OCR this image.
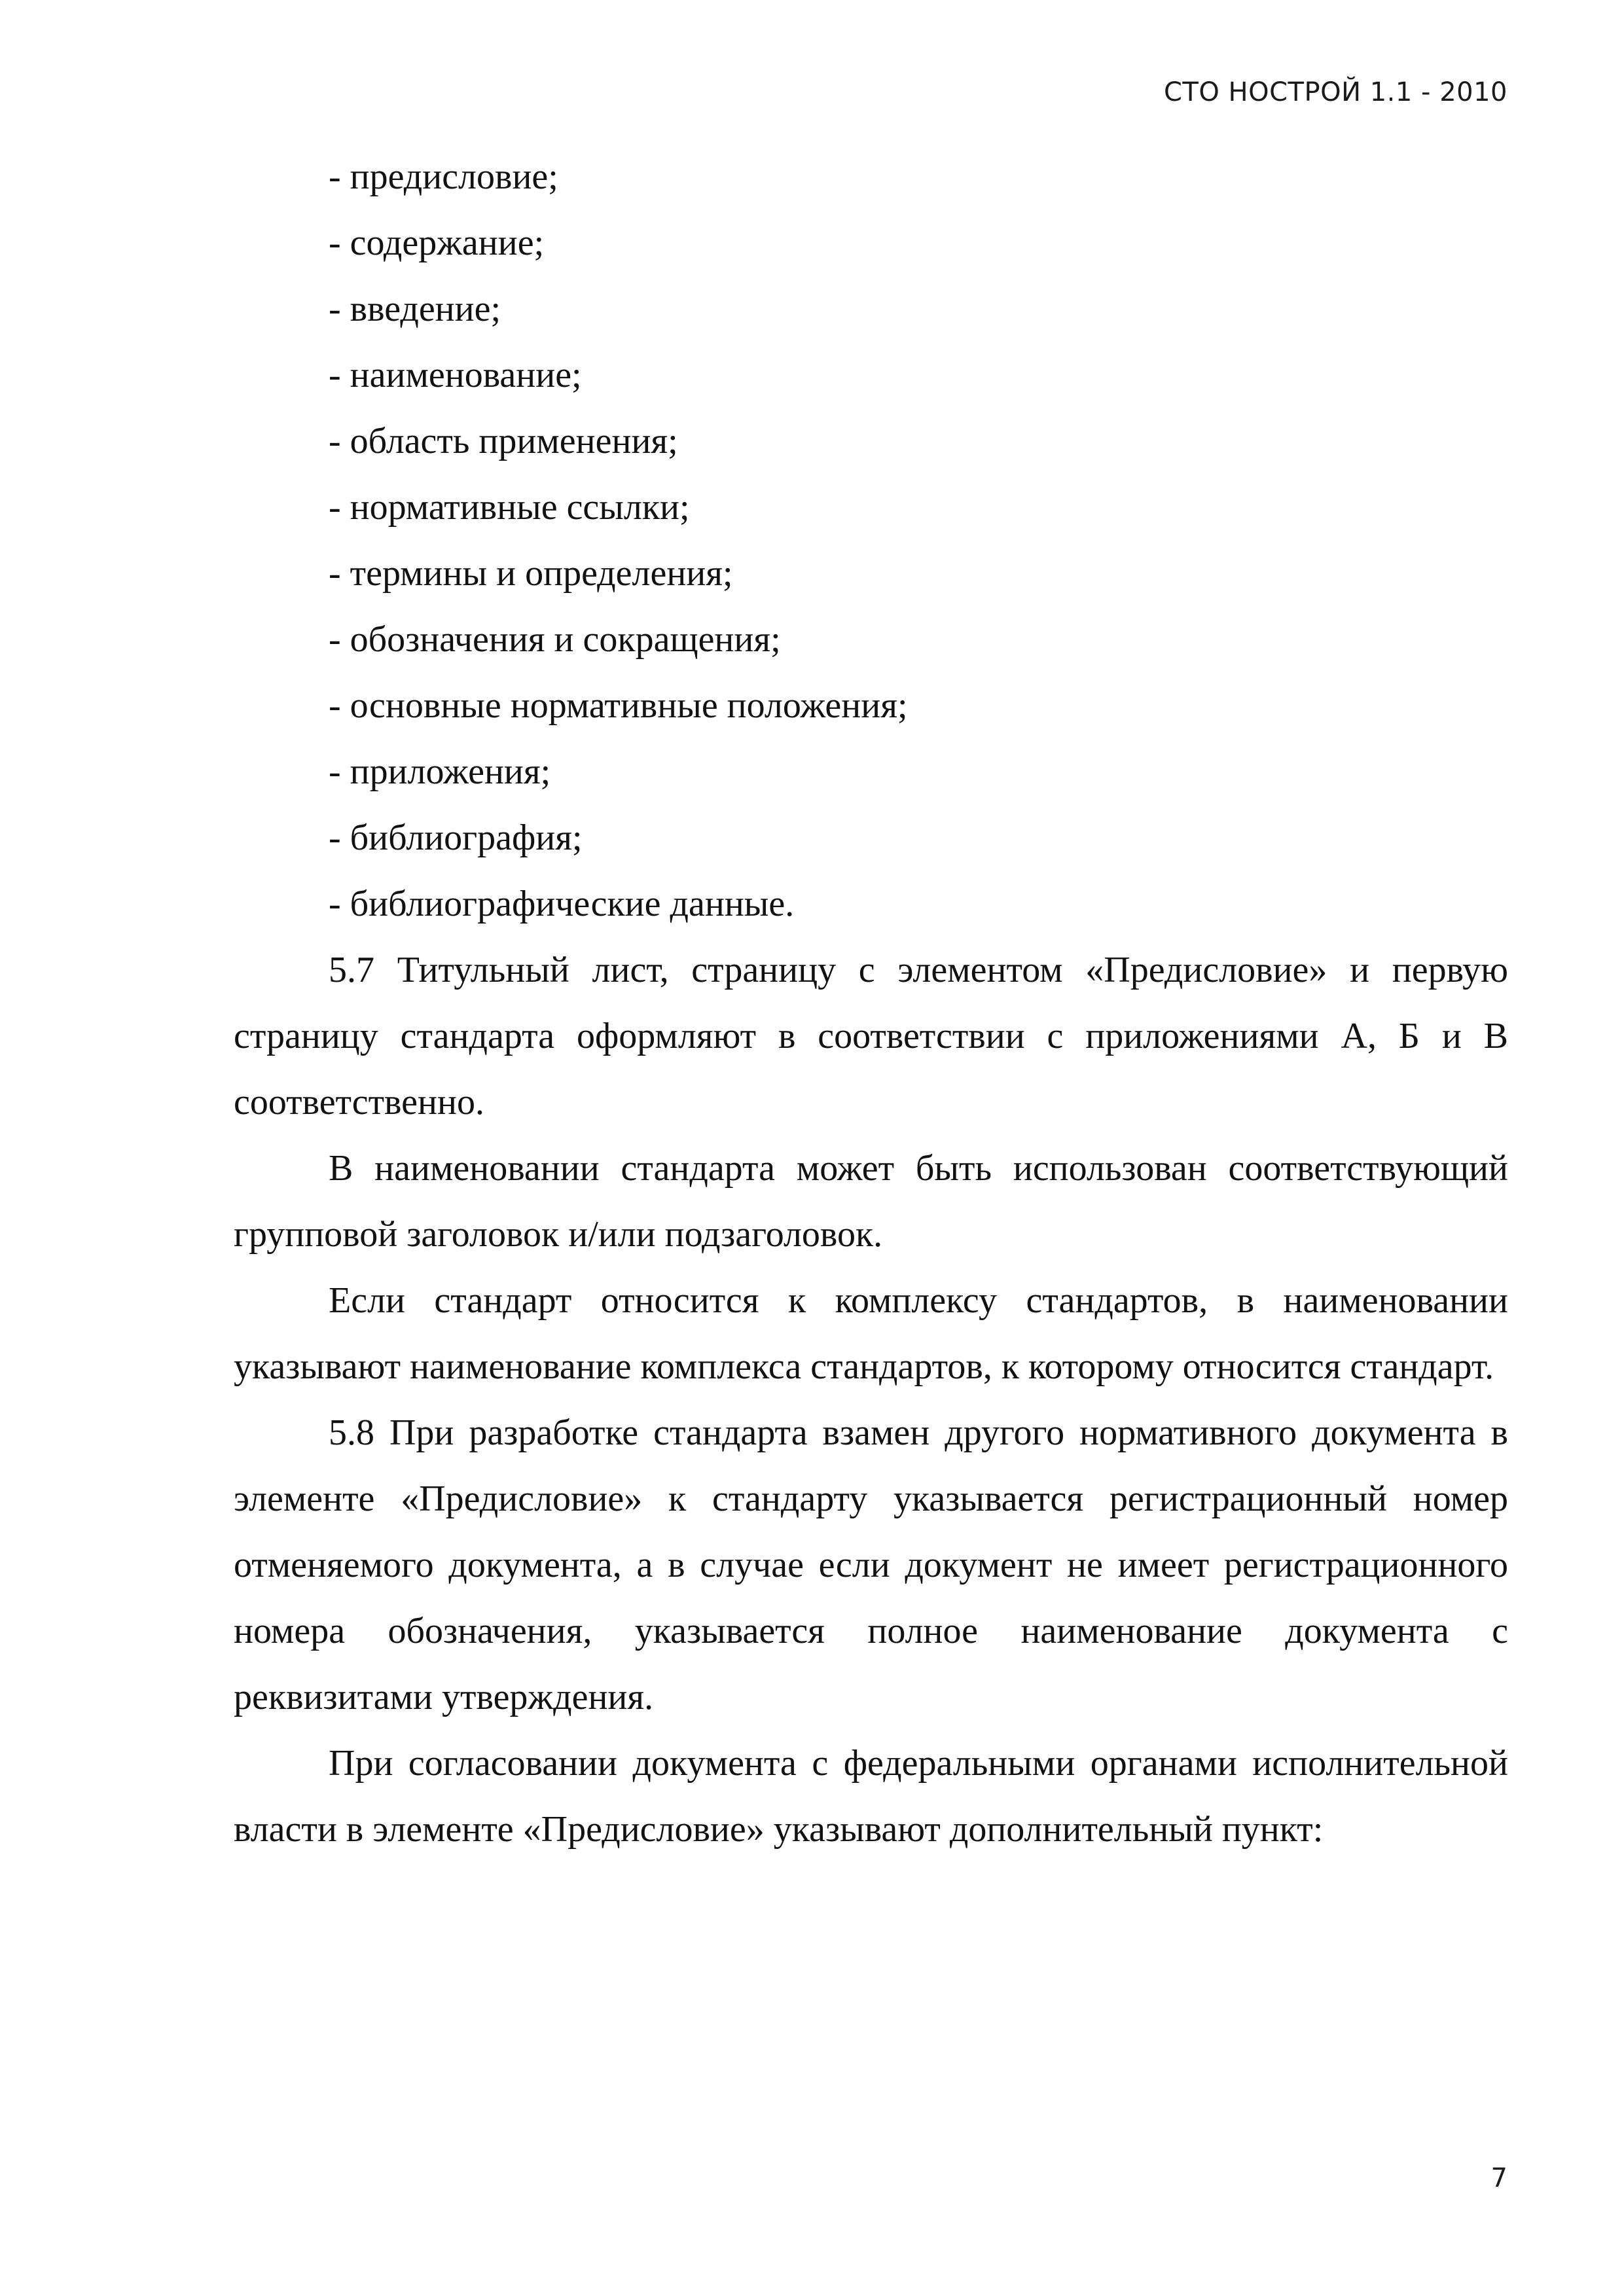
СТО НОСТРОЙ 1.1 - 2010

- предисловие;

- содержание;

- введение;

- наименование;

- область применения;

- нормативные ссылки;

- термины и определения;

- обозначения и сокращения;

- основные нормативные положения;

- приложения;

- библиография;

- библиографические данные.

5.7 Титульный лист, страницу с элементом «Предисловие» и первую страницу стандарта оформляют в соответствии с приложениями А, Б и В соответственно.

В наименовании стандарта может быть использован соответствующий групповой заголовок и/или подзаголовок.

Если стандарт относится к комплексу стандартов, в наименовании указывают наименование комплекса стандартов, к которому относится стандарт.

5.8 При разработке стандарта взамен другого нормативного документа в элементе «Предисловие» к стандарту указывается регистрационный номер отменяемого документа, а в случае если документ не имеет регистрационного номера обозначения, указывается полное наименование документа с реквизитами утверждения.

При согласовании документа с федеральными органами исполнительной власти в элементе «Предисловие» указывают дополнительный пункт:

7
